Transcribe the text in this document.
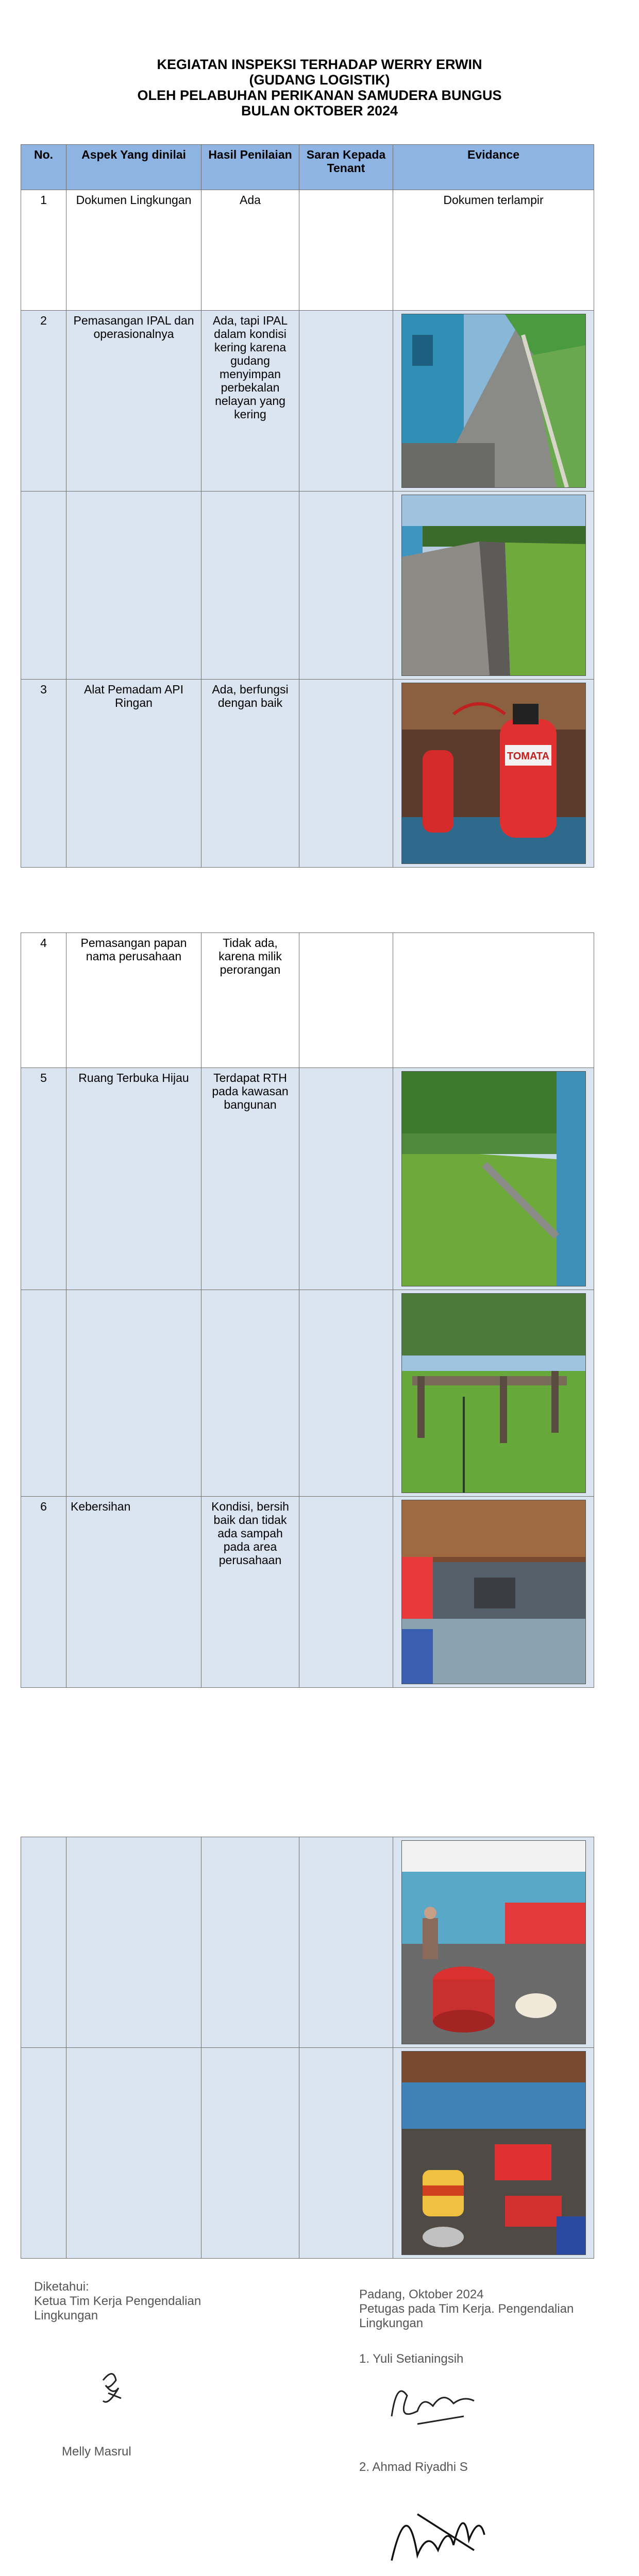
KEGIATAN INSPEKSI TERHADAP WERRY ERWIN
(GUDANG LOGISTIK)
OLEH PELABUHAN PERIKANAN SAMUDERA BUNGUS
BULAN OKTOBER 2024
No.	Aspek Yang dinilai	Hasil Penilaian	Saran Kepada Tenant	Evidance
1	Dokumen Lingkungan	Ada		Dokumen terlampir
2	Pemasangan IPAL dan operasionalnya	Ada, tapi IPAL dalam kondisi kering karena gudang menyimpan perbekalan nelayan yang kering		

3	Alat Pemadam API Ringan	Ada, berfungsi dengan baik		TOMATA
4	Pemasangan papan nama perusahaan	Tidak ada, karena milik perorangan		
5	Ruang Terbuka Hijau	Terdapat RTH pada kawasan bangunan		

6	Kebersihan	Kondisi, bersih baik dan tidak ada sampah pada area perusahaan		

Diketahui:
Ketua Tim Kerja Pengendalian Lingkungan
Melly Masrul
Padang, Oktober 2024
Petugas pada Tim Kerja. Pengendalian Lingkungan
1. Yuli Setianingsih
2. Ahmad Riyadhi S
